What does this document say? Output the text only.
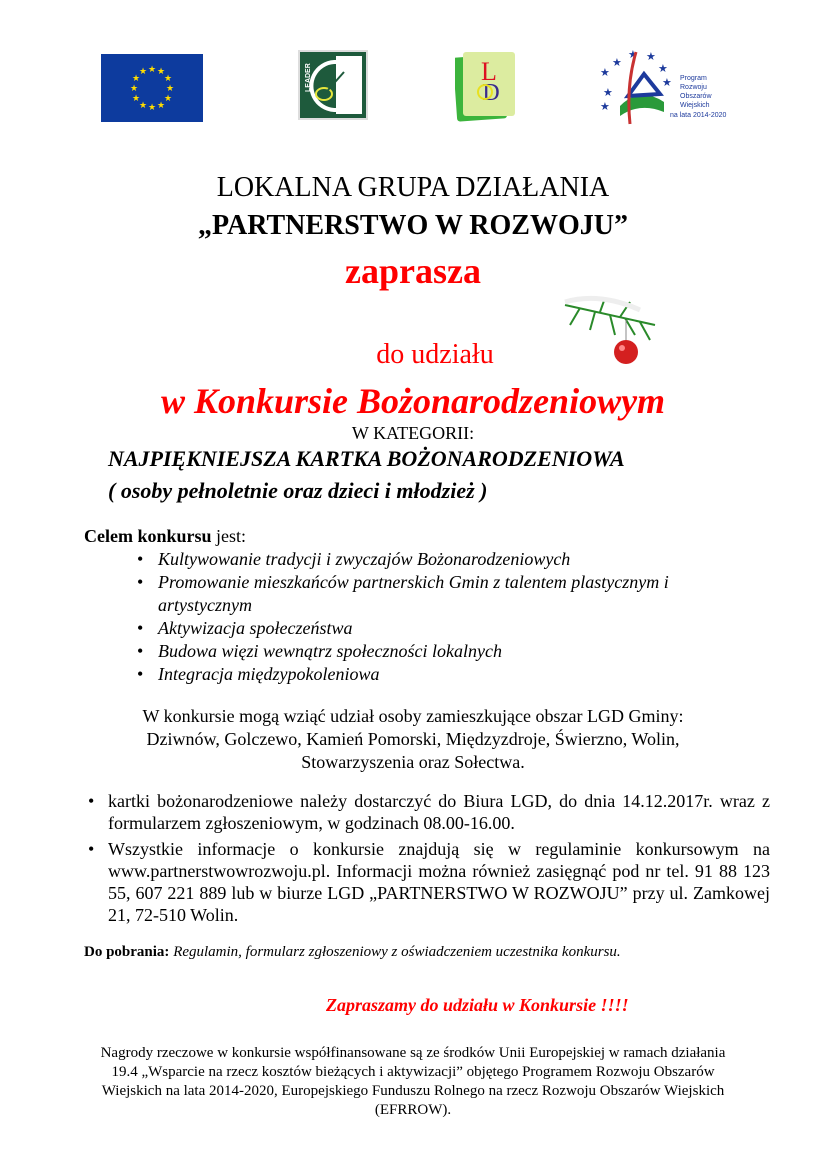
★ ★
★
★
★
★
★
★
★
★
★
★	LEADER	L
D
★
★
★
★
★ ★
★
★ Program
Rozwoju
Obszarów
Wiejskich
na lata 2014-2020
LOKALNA GRUPA DZIAŁANIA
„PARTNERSTWO W ROZWOJU”
zaprasza
do udziału
w Konkursie Bożonarodzeniowym
W KATEGORII:
NAJPIĘKNIEJSZA KARTKA BOŻONARODZENIOWA
( osoby pełnoletnie oraz dzieci i młodzież )
Celem konkursu jest:
• Kultywowanie tradycji i zwyczajów Bożonarodzeniowych
• Promowanie mieszkańców partnerskich Gmin z talentem plastycznym i artystycznym
• Aktywizacja społeczeństwa
• Budowa więzi wewnątrz społeczności lokalnych
• Integracja międzypokoleniowa
W konkursie mogą wziąć udział osoby zamieszkujące obszar LGD Gminy:
Dziwnów, Golczewo, Kamień Pomorski, Międzyzdroje, Świerzno, Wolin,
Stowarzyszenia oraz Sołectwa.
• kartki bożonarodzeniowe należy dostarczyć do Biura LGD, do dnia 14.12.2017r. wraz z formularzem zgłoszeniowym, w godzinach 08.00-16.00.
• Wszystkie informacje o konkursie znajdują się w regulaminie konkursowym na www.partnerstwowrozwoju.pl. Informacji można również zasięgnąć pod nr tel. 91 88 123 55, 607 221 889 lub w biurze LGD „PARTNERSTWO W ROZWOJU” przy ul. Zamkowej 21, 72-510 Wolin.
Do pobrania: Regulamin, formularz zgłoszeniowy z oświadczeniem uczestnika konkursu.
Zapraszamy do udziału w Konkursie !!!!
Nagrody rzeczowe w konkursie współfinansowane są ze środków Unii Europejskiej w ramach działania
19.4 „Wsparcie na rzecz kosztów bieżących i aktywizacji” objętego Programem Rozwoju Obszarów
Wiejskich na lata 2014-2020, Europejskiego Funduszu Rolnego na rzecz Rozwoju Obszarów Wiejskich
(EFRROW).
